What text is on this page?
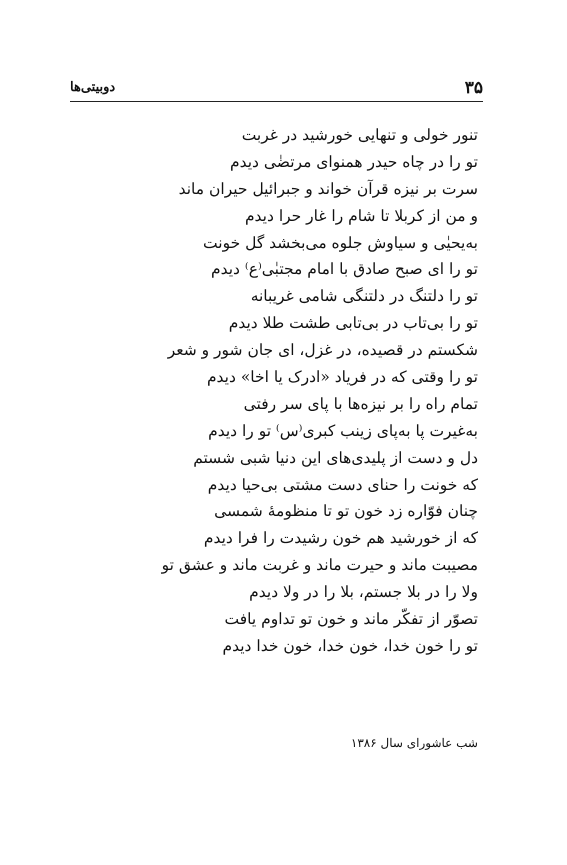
۳۵
دوبیتی‌ها
تنور خولی و تنهایی خورشید در غربت
تو را در چاه حیدر همنوای مرتضٰی دیدم
سرت بر نیزه قرآن خواند و جبرائیل حیران ماند
و من از کربلا تا شام را غار حرا دیدم
به‌یحیٰی و سیاوش جلوه می‌بخشد گل خونت
تو را ای صبح صادق با امام مجتبٰی⁽ع⁾ دیدم
تو را دلتنگ در دلتنگی شامی غریبانه
تو را بی‌تاب در بی‌تابی طشت طلا دیدم
شکستم در قصیده، در غزل، ای جان شور و شعر
تو را وقتی که در فریاد «ادرک یا اخا» دیدم
تمام راه را بر نیزه‌ها با پای سر رفتی
به‌غیرت پا به‌پای زینب کبری⁽س⁾ تو را دیدم
دل و دست از پلیدی‌های این دنیا شبی شستم
که خونت را حنای دست مشتی بی‌حیا دیدم
چنان فوّاره زد خون تو تا منظومهٔ شمسی
که از خورشید هم خون رشیدت را فرا دیدم
مصیبت ماند و حیرت ماند و غربت ماند و عشق تو
ولا را در بلا جستم، بلا را در ولا دیدم
تصوّر از تفکّر ماند و خون تو تداوم یافت
تو را خون خدا، خون خدا، خون خدا دیدم
شب عاشورای سال ۱۳۸۶
